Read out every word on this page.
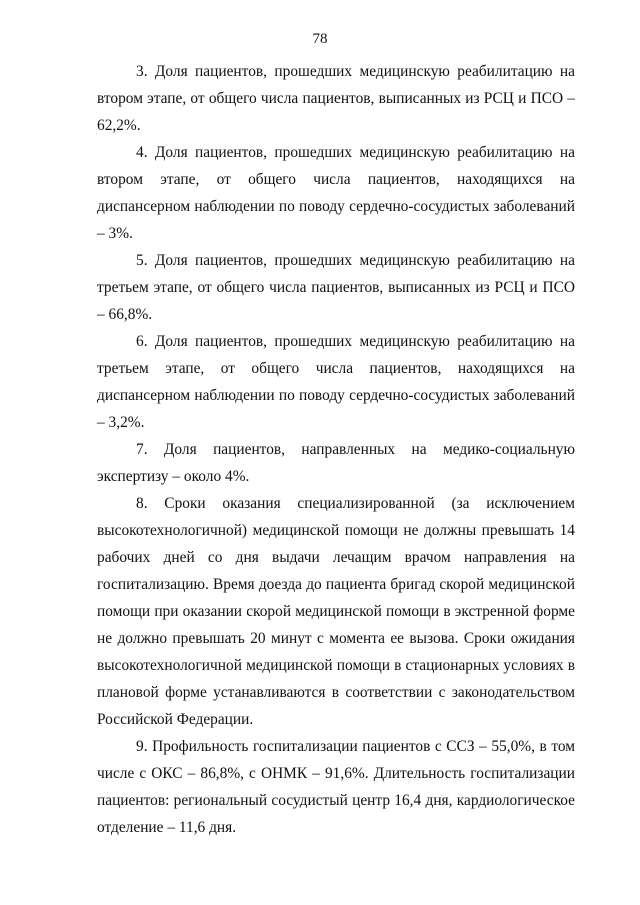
78

3. Доля пациентов, прошедших медицинскую реабилитацию на втором этапе, от общего числа пациентов, выписанных из РСЦ и ПСО – 62,2%.

4. Доля пациентов, прошедших медицинскую реабилитацию на втором этапе, от общего числа пациентов, находящихся на диспансерном наблюдении по поводу сердечно-сосудистых заболеваний – 3%.

5. Доля пациентов, прошедших медицинскую реабилитацию на третьем этапе, от общего числа пациентов, выписанных из РСЦ и ПСО – 66,8%.

6. Доля пациентов, прошедших медицинскую реабилитацию на третьем этапе, от общего числа пациентов, находящихся на диспансерном наблюдении по поводу сердечно-сосудистых заболеваний – 3,2%.

7. Доля пациентов, направленных на медико-социальную экспертизу – около 4%.

8. Сроки оказания специализированной (за исключением высокотехнологичной) медицинской помощи не должны превышать 14 рабочих дней со дня выдачи лечащим врачом направления на госпитализацию. Время доезда до пациента бригад скорой медицинской помощи при оказании скорой медицинской помощи в экстренной форме не должно превышать 20 минут с момента ее вызова. Сроки ожидания высокотехнологичной медицинской помощи в стационарных условиях в плановой форме устанавливаются в соответствии с законодательством Российской Федерации.

9. Профильность госпитализации пациентов с ССЗ – 55,0%, в том числе с ОКС – 86,8%, с ОНМК – 91,6%. Длительность госпитализации пациентов: региональный сосудистый центр 16,4 дня, кардиологическое отделение – 11,6 дня.
